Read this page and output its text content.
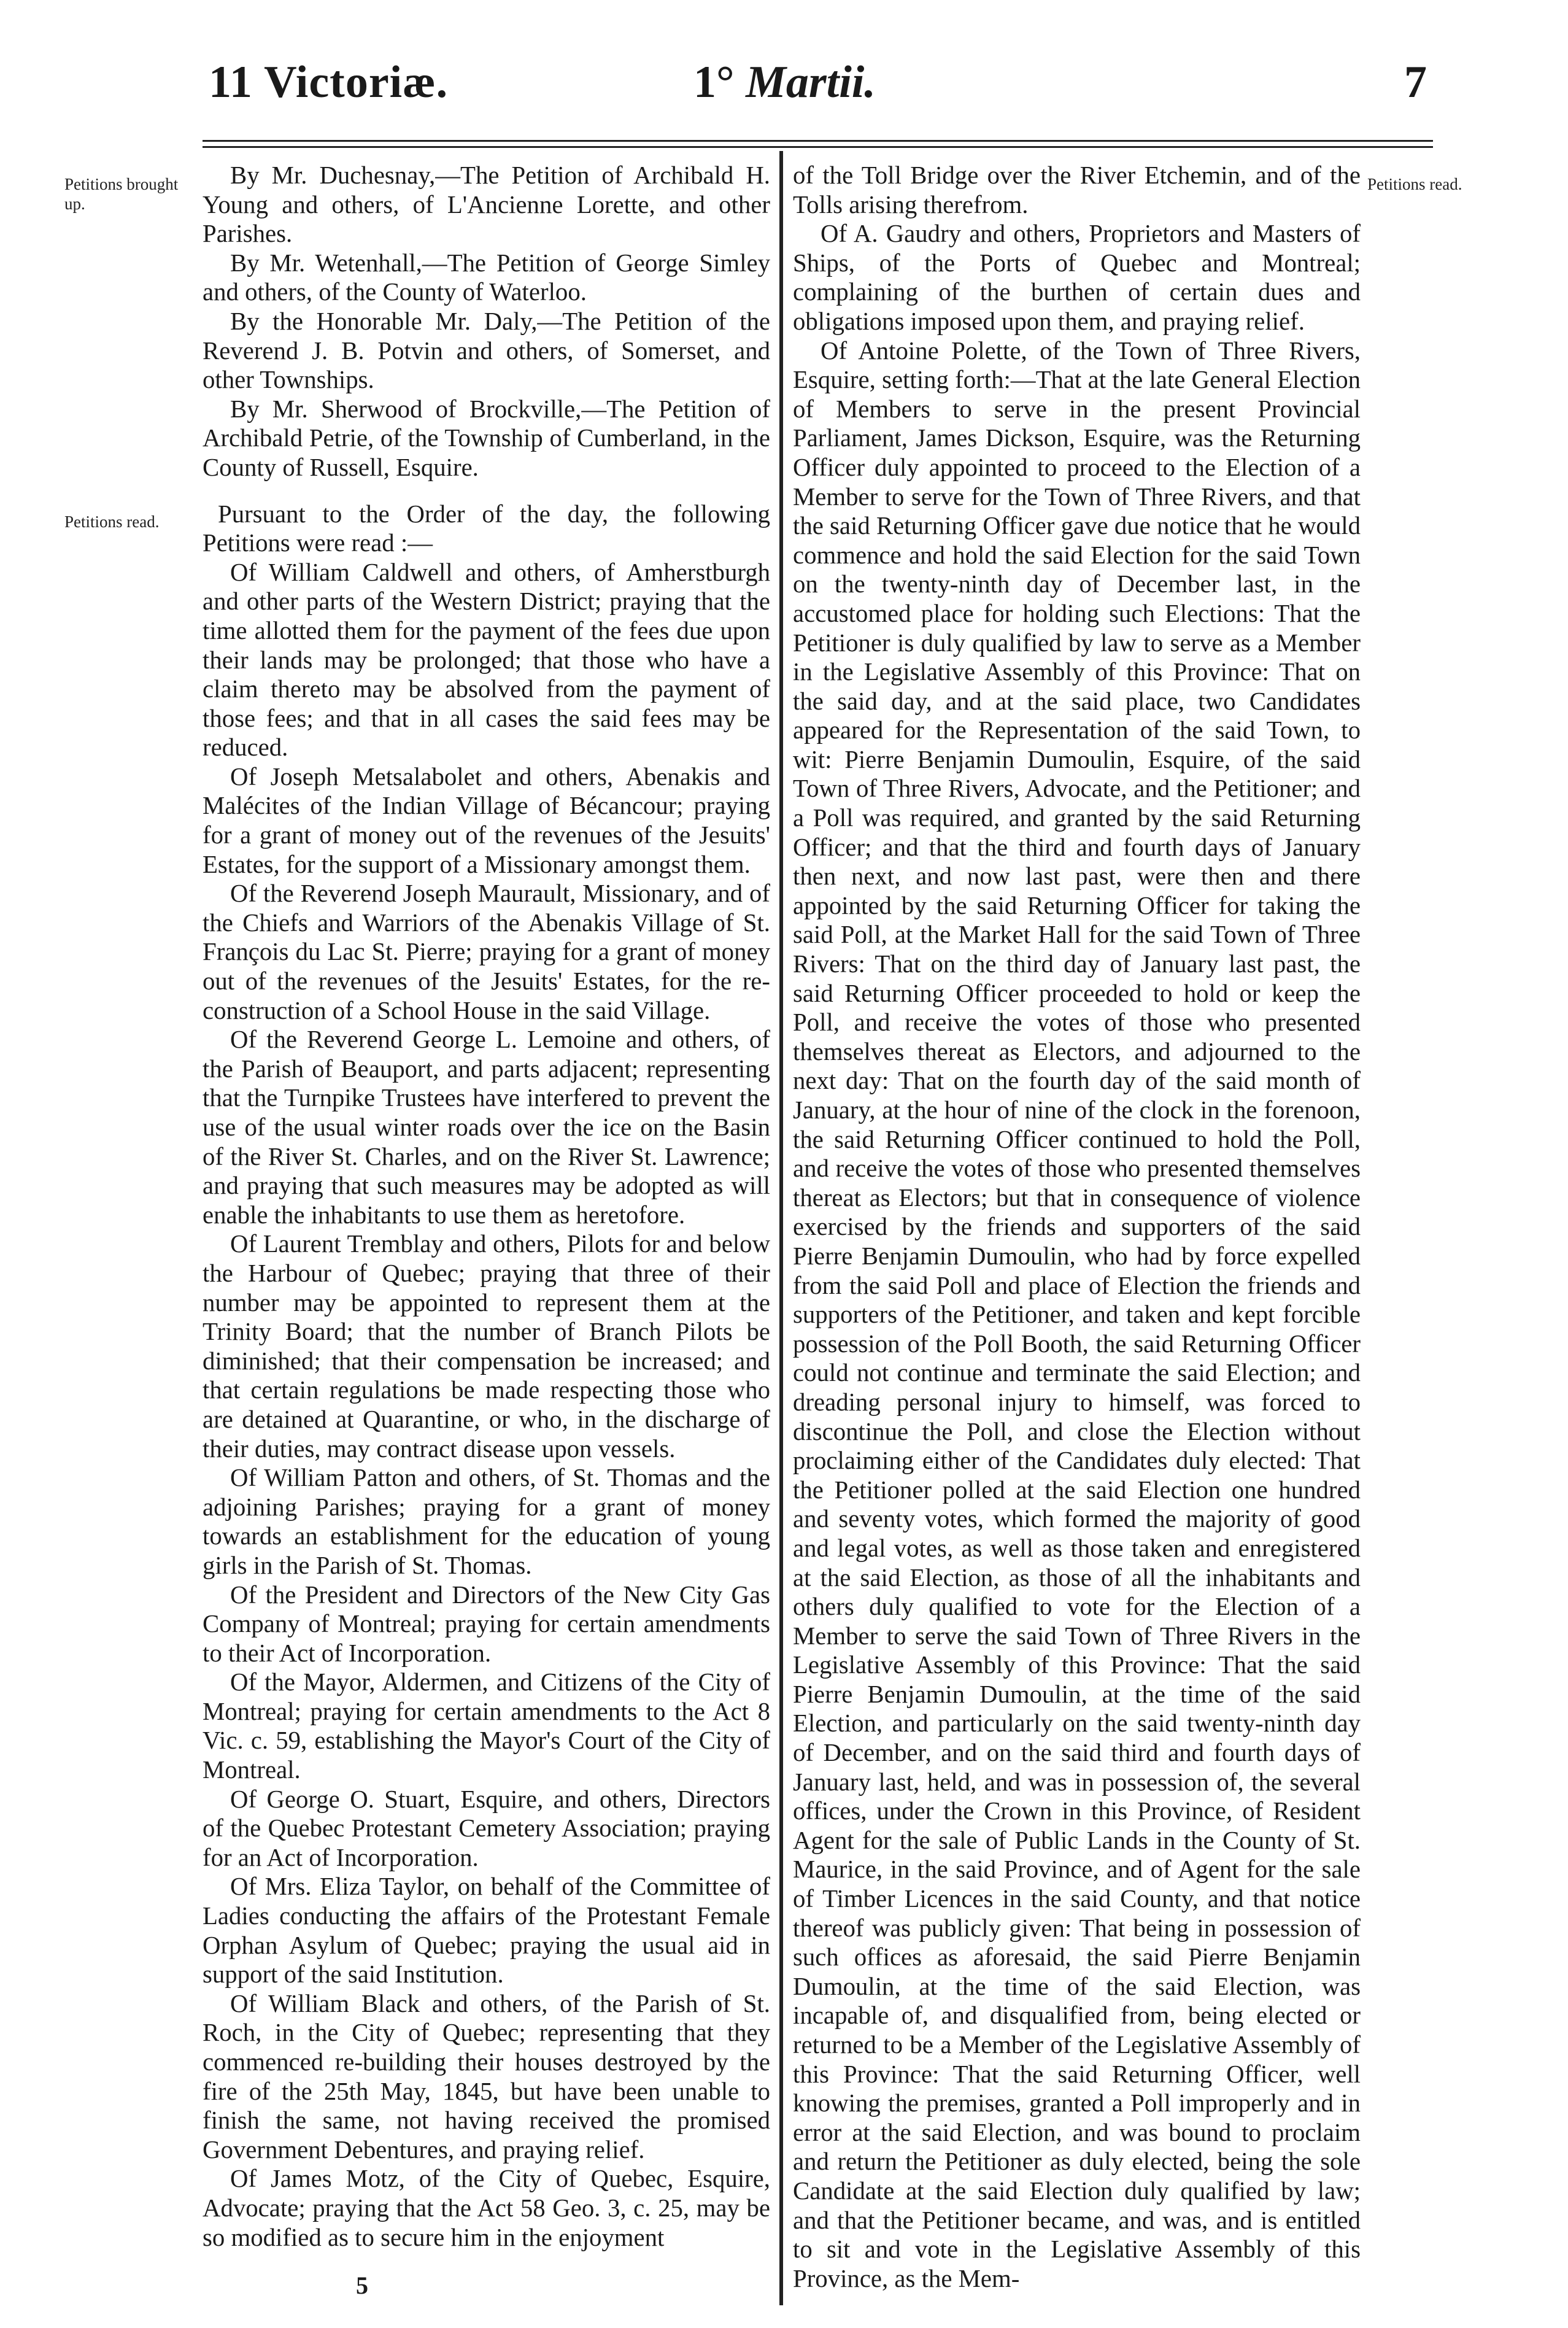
11 Victoriæ.	1° Martii.	7
Petitions brought up.
Petitions read.
Petitions read.

By Mr. Duchesnay,—The Petition of Archibald H. Young and others, of L'Ancienne Lorette, and other Parishes.

By Mr. Wetenhall,—The Petition of George Simley and others, of the County of Waterloo.

By the Honorable Mr. Daly,—The Petition of the Reverend J. B. Potvin and others, of Somerset, and other Townships.

By Mr. Sherwood of Brockville,—The Petition of Archibald Petrie, of the Township of Cumberland, in the County of Russell, Esquire.

Pursuant to the Order of the day, the following Petitions were read :—

Of William Caldwell and others, of Amherstburgh and other parts of the Western District; praying that the time allotted them for the payment of the fees due upon their lands may be prolonged; that those who have a claim thereto may be absolved from the payment of those fees; and that in all cases the said fees may be reduced.

Of Joseph Metsalabolet and others, Abenakis and Malécites of the Indian Village of Bécancour; praying for a grant of money out of the revenues of the Jesuits' Estates, for the support of a Missionary amongst them.

Of the Reverend Joseph Maurault, Missionary, and of the Chiefs and Warriors of the Abenakis Village of St. François du Lac St. Pierre; praying for a grant of money out of the revenues of the Jesuits' Estates, for the re-construction of a School House in the said Village.

Of the Reverend George L. Lemoine and others, of the Parish of Beauport, and parts adjacent; representing that the Turnpike Trustees have interfered to prevent the use of the usual winter roads over the ice on the Basin of the River St. Charles, and on the River St. Lawrence; and praying that such measures may be adopted as will enable the inhabitants to use them as heretofore.

Of Laurent Tremblay and others, Pilots for and below the Harbour of Quebec; praying that three of their number may be appointed to represent them at the Trinity Board; that the number of Branch Pilots be diminished; that their compensation be increased; and that certain regulations be made respecting those who are detained at Quarantine, or who, in the discharge of their duties, may contract disease upon vessels.

Of William Patton and others, of St. Thomas and the adjoining Parishes; praying for a grant of money towards an establishment for the education of young girls in the Parish of St. Thomas.

Of the President and Directors of the New City Gas Company of Montreal; praying for certain amendments to their Act of Incorporation.

Of the Mayor, Aldermen, and Citizens of the City of Montreal; praying for certain amendments to the Act 8 Vic. c. 59, establishing the Mayor's Court of the City of Montreal.

Of George O. Stuart, Esquire, and others, Directors of the Quebec Protestant Cemetery Association; praying for an Act of Incorporation.

Of Mrs. Eliza Taylor, on behalf of the Committee of Ladies conducting the affairs of the Protestant Female Orphan Asylum of Quebec; praying the usual aid in support of the said Institution.

Of William Black and others, of the Parish of St. Roch, in the City of Quebec; representing that they commenced re-building their houses destroyed by the fire of the 25th May, 1845, but have been unable to finish the same, not having received the promised Government Debentures, and praying relief.

Of James Motz, of the City of Quebec, Esquire, Advocate; praying that the Act 58 Geo. 3, c. 25, may be so modified as to secure him in the enjoyment

of the Toll Bridge over the River Etchemin, and of the Tolls arising therefrom.

Of A. Gaudry and others, Proprietors and Masters of Ships, of the Ports of Quebec and Montreal; complaining of the burthen of certain dues and obligations imposed upon them, and praying relief.

Of Antoine Polette, of the Town of Three Rivers, Esquire, setting forth:—That at the late General Election of Members to serve in the present Provincial Parliament, James Dickson, Esquire, was the Returning Officer duly appointed to proceed to the Election of a Member to serve for the Town of Three Rivers, and that the said Returning Officer gave due notice that he would commence and hold the said Election for the said Town on the twenty-ninth day of December last, in the accustomed place for holding such Elections: That the Petitioner is duly qualified by law to serve as a Member in the Legislative Assembly of this Province: That on the said day, and at the said place, two Candidates appeared for the Representation of the said Town, to wit: Pierre Benjamin Dumoulin, Esquire, of the said Town of Three Rivers, Advocate, and the Petitioner; and a Poll was required, and granted by the said Returning Officer; and that the third and fourth days of January then next, and now last past, were then and there appointed by the said Returning Officer for taking the said Poll, at the Market Hall for the said Town of Three Rivers: That on the third day of January last past, the said Returning Officer proceeded to hold or keep the Poll, and receive the votes of those who presented themselves thereat as Electors, and adjourned to the next day: That on the fourth day of the said month of January, at the hour of nine of the clock in the forenoon, the said Returning Officer continued to hold the Poll, and receive the votes of those who presented themselves thereat as Electors; but that in consequence of violence exercised by the friends and supporters of the said Pierre Benjamin Dumoulin, who had by force expelled from the said Poll and place of Election the friends and supporters of the Petitioner, and taken and kept forcible possession of the Poll Booth, the said Returning Officer could not continue and terminate the said Election; and dreading personal injury to himself, was forced to discontinue the Poll, and close the Election without proclaiming either of the Candidates duly elected: That the Petitioner polled at the said Election one hundred and seventy votes, which formed the majority of good and legal votes, as well as those taken and enregistered at the said Election, as those of all the inhabitants and others duly qualified to vote for the Election of a Member to serve the said Town of Three Rivers in the Legislative Assembly of this Province: That the said Pierre Benjamin Dumoulin, at the time of the said Election, and particularly on the said twenty-ninth day of December, and on the said third and fourth days of January last, held, and was in possession of, the several offices, under the Crown in this Province, of Resident Agent for the sale of Public Lands in the County of St. Maurice, in the said Province, and of Agent for the sale of Timber Licences in the said County, and that notice thereof was publicly given: That being in possession of such offices as aforesaid, the said Pierre Benjamin Dumoulin, at the time of the said Election, was incapable of, and disqualified from, being elected or returned to be a Member of the Legislative Assembly of this Province: That the said Returning Officer, well knowing the premises, granted a Poll improperly and in error at the said Election, and was bound to proclaim and return the Petitioner as duly elected, being the sole Candidate at the said Election duly qualified by law; and that the Petitioner became, and was, and is entitled to sit and vote in the Legislative Assembly of this Province, as the Mem-

5
